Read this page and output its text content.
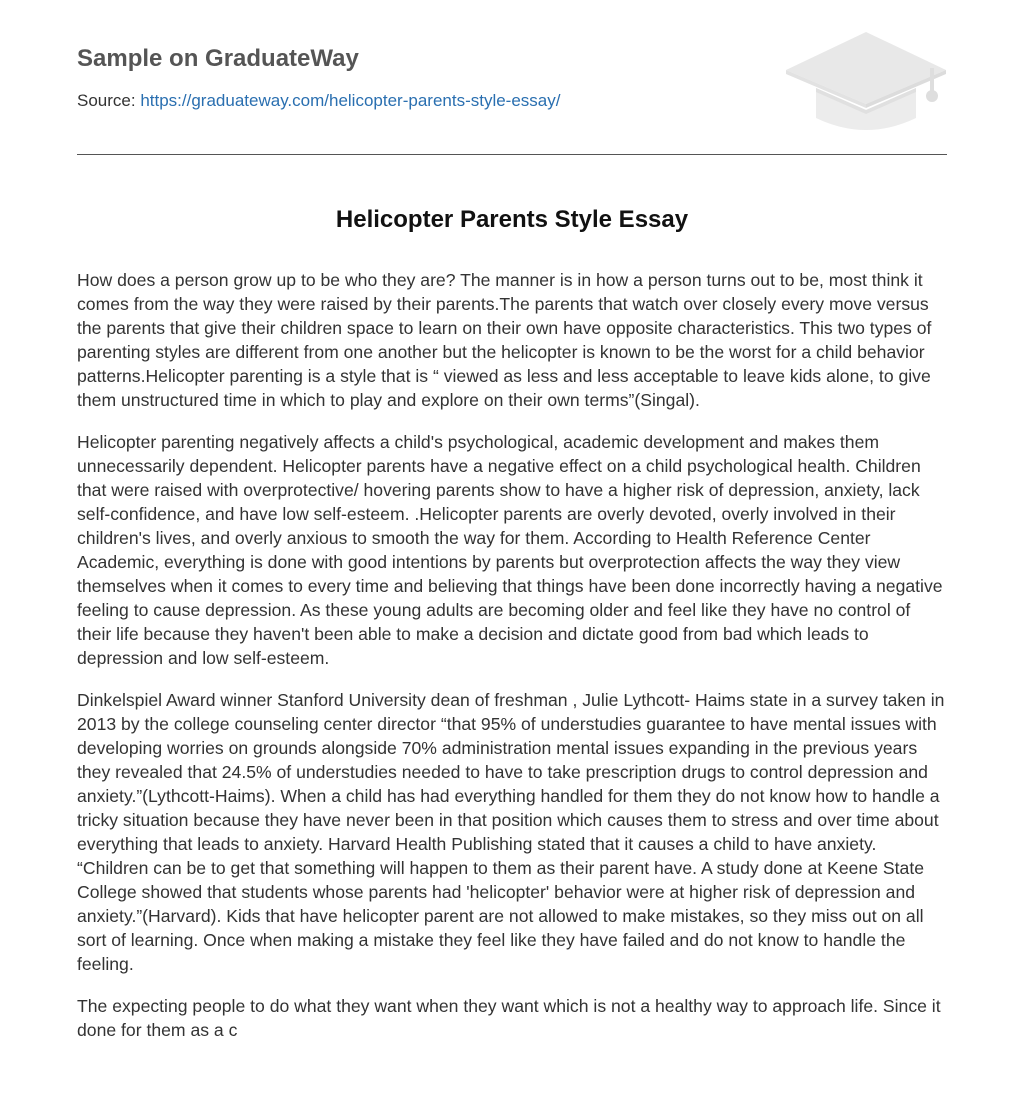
Sample on GraduateWay
Source: https://graduateway.com/helicopter-parents-style-essay/
Helicopter Parents Style Essay

How does a person grow up to be who they are? The manner is in how a person turns out to be, most think it comes from the way they were raised by their parents.The parents that watch over closely every move versus the parents that give their children space to learn on their own have opposite characteristics. This two types of parenting styles are different from one another but the helicopter is known to be the worst for a child behavior patterns.Helicopter parenting is a style that is “ viewed as less and less acceptable to leave kids alone, to give them unstructured time in which to play and explore on their own terms”(Singal).

Helicopter parenting negatively affects a child's psychological, academic development and makes them unnecessarily dependent. Helicopter parents have a negative effect on a child psychological health. Children that were raised with overprotective/ hovering parents show to have a higher risk of depression, anxiety, lack self-confidence, and have low self-esteem. .Helicopter parents are overly devoted, overly involved in their children's lives, and overly anxious to smooth the way for them. According to Health Reference Center Academic, everything is done with good intentions by parents but overprotection affects the way they view themselves when it comes to every time and believing that things have been done incorrectly having a negative feeling to cause depression. As these young adults are becoming older and feel like they have no control of their life because they haven't been able to make a decision and dictate good from bad which leads to depression and low self-esteem.

Dinkelspiel Award winner Stanford University dean of freshman , Julie Lythcott- Haims state in a survey taken in 2013 by the college counseling center director “that 95% of understudies guarantee to have mental issues with developing worries on grounds alongside 70% administration mental issues expanding in the previous years they revealed that 24.5% of understudies needed to have to take prescription drugs to control depression and anxiety.”(Lythcott-Haims). When a child has had everything handled for them they do not know how to handle a tricky situation because they have never been in that position which causes them to stress and over time about everything that leads to anxiety. Harvard Health Publishing stated that it causes a child to have anxiety. “Children can be to get that something will happen to them as their parent have. A study done at Keene State College showed that students whose parents had 'helicopter' behavior were at higher risk of depression and anxiety.”(Harvard). Kids that have helicopter parent are not allowed to make mistakes, so they miss out on all sort of learning. Once when making a mistake they feel like they have failed and do not know to handle the feeling.

The expecting people to do what they want when they want which is not a healthy way to approach life. Since it done for them as a c
